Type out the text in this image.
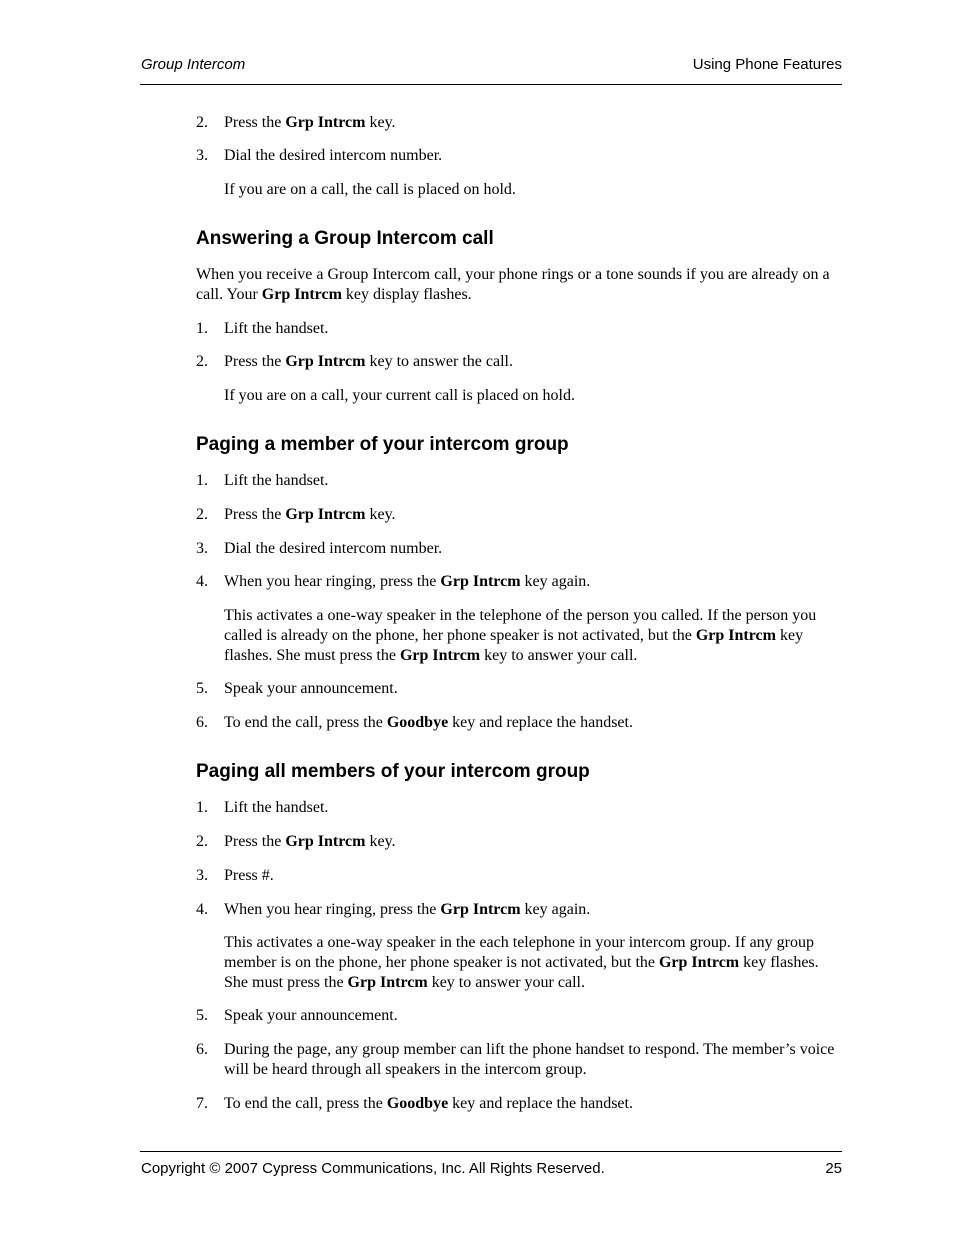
Group Intercom	Using Phone Features
2.	Press the Grp Intrcm key.
3.	Dial the desired intercom number.
If you are on a call, the call is placed on hold.
Answering a Group Intercom call
When you receive a Group Intercom call, your phone rings or a tone sounds if you are already on a call. Your Grp Intrcm key display flashes.
1.	Lift the handset.
2.	Press the Grp Intrcm key to answer the call.
If you are on a call, your current call is placed on hold.
Paging a member of your intercom group
1.	Lift the handset.
2.	Press the Grp Intrcm key.
3.	Dial the desired intercom number.
4.	When you hear ringing, press the Grp Intrcm key again.
This activates a one-way speaker in the telephone of the person you called. If the person you called is already on the phone, her phone speaker is not activated, but the Grp Intrcm key flashes. She must press the Grp Intrcm key to answer your call.
5.	Speak your announcement.
6.	To end the call, press the Goodbye key and replace the handset.
Paging all members of your intercom group
1.	Lift the handset.
2.	Press the Grp Intrcm key.
3.	Press #.
4.	When you hear ringing, press the Grp Intrcm key again.
This activates a one-way speaker in the each telephone in your intercom group. If any group member is on the phone, her phone speaker is not activated, but the Grp Intrcm key flashes. She must press the Grp Intrcm key to answer your call.
5.	Speak your announcement.
6.	During the page, any group member can lift the phone handset to respond. The member’s voice will be heard through all speakers in the intercom group.
7.	To end the call, press the Goodbye key and replace the handset.
Copyright © 2007 Cypress Communications, Inc. All Rights Reserved.	25
